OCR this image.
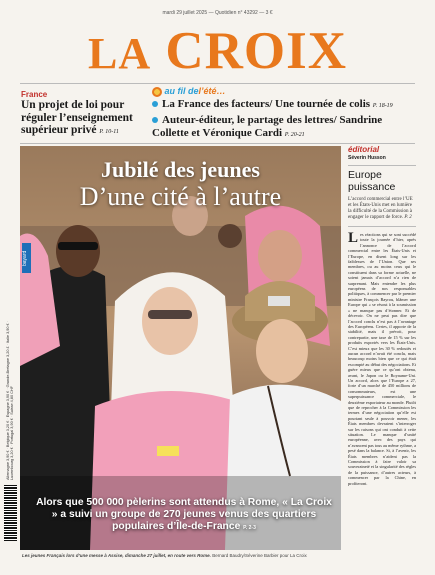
mardi 29 juillet 2025 — Quotidien n° 43292 — 3 €
LA CROIX
France
Un projet de loi pour réguler l’enseignement supérieur privé P. 10-11
au fil del’été…
La France des facteurs/ Une tournée de colis P. 18-19
Auteur-éditeur, le partage des lettres/ Sandrine Collette et Véronique Cardi P. 20-21
Jubilé des jeunes
D’une cité à l’autre
Alors que 500 000 pèlerins sont attendus à Rome, « La Croix » a suivi un groupe de 270 jeunes venus des quartiers populaires d’Île-de-France P. 2-3
Les jeunes Français lors d’une messe à Assise, dimanche 27 juillet, en route vers Rome. Bernard Baudry/Séverine Barbier pour La Croix
bayard
Allemagne 3,90 € · Belgique 3,20 € · Espagne 3,90 € · Grande-Bretagne 3,20 £ · Italie 3,90 € · Luxembourg 3,20 € · Portugal 3,90 € · Suisse 4,80 CHF
éditorial
Séverin Husson
Europe puissance
L’accord commercial entre l’UE et les États-Unis met en lumière la difficulté de la Commission à engager le rapport de force. P. 2
Les réactions qui se sont succédé toute la journée d’hier, après l’annonce de l’accord commercial entre les États-Unis et l’Europe, en disent long sur les faiblesses de l’Union. Que ses membres, ou au moins ceux qui le constituent dans sa forme actuelle, ne soient jamais d’accord n’a rien de surprenant. Mais entendre les plus européens de nos responsables politiques, à commencer par le premier ministre François Bayrou, blâmer une Europe qui « se résout à la soumission » ne manque pas d’étonner. Et de décevoir. On ne peut pas dire que l’accord conclu n’est pas à l’avantage des Européens. Certes, il apporte de la stabilité, mais il prévoit, pour contrepartie, une taxe de 15 % sur les produits exportés vers les États-Unis. C’est mieux que les 30 % redoutés et aucun accord n’avait été conclu, mais beaucoup moins bien que ce qui était escompté au début des négociations. Et guère mieux que ce qu’ont obtenu, avant, le Japon ou le Royaume-Uni. Un accord, alors que l’Europe a 27, forte d’un marché de 450 millions de consommateurs, est une superpuissance commerciale, le deuxième exportateur au monde. Plutôt que de reprocher à la Commission les termes d’une négociation qu’elle est pourtant seule à pouvoir mener, les États membres devraient s’interroger sur les raisons qui ont conduit à cette situation. Le manque d’unité européenne, avec des pays qui n’avancent pas tous au même rythme, a pesé dans la balance. Si, à l’avenir, les États membres n’aident pas la Commission à faire valoir sa souveraineté et la singularité des règles de la puissance, d’autres acteurs, à commencer par la Chine, en profiteront.
